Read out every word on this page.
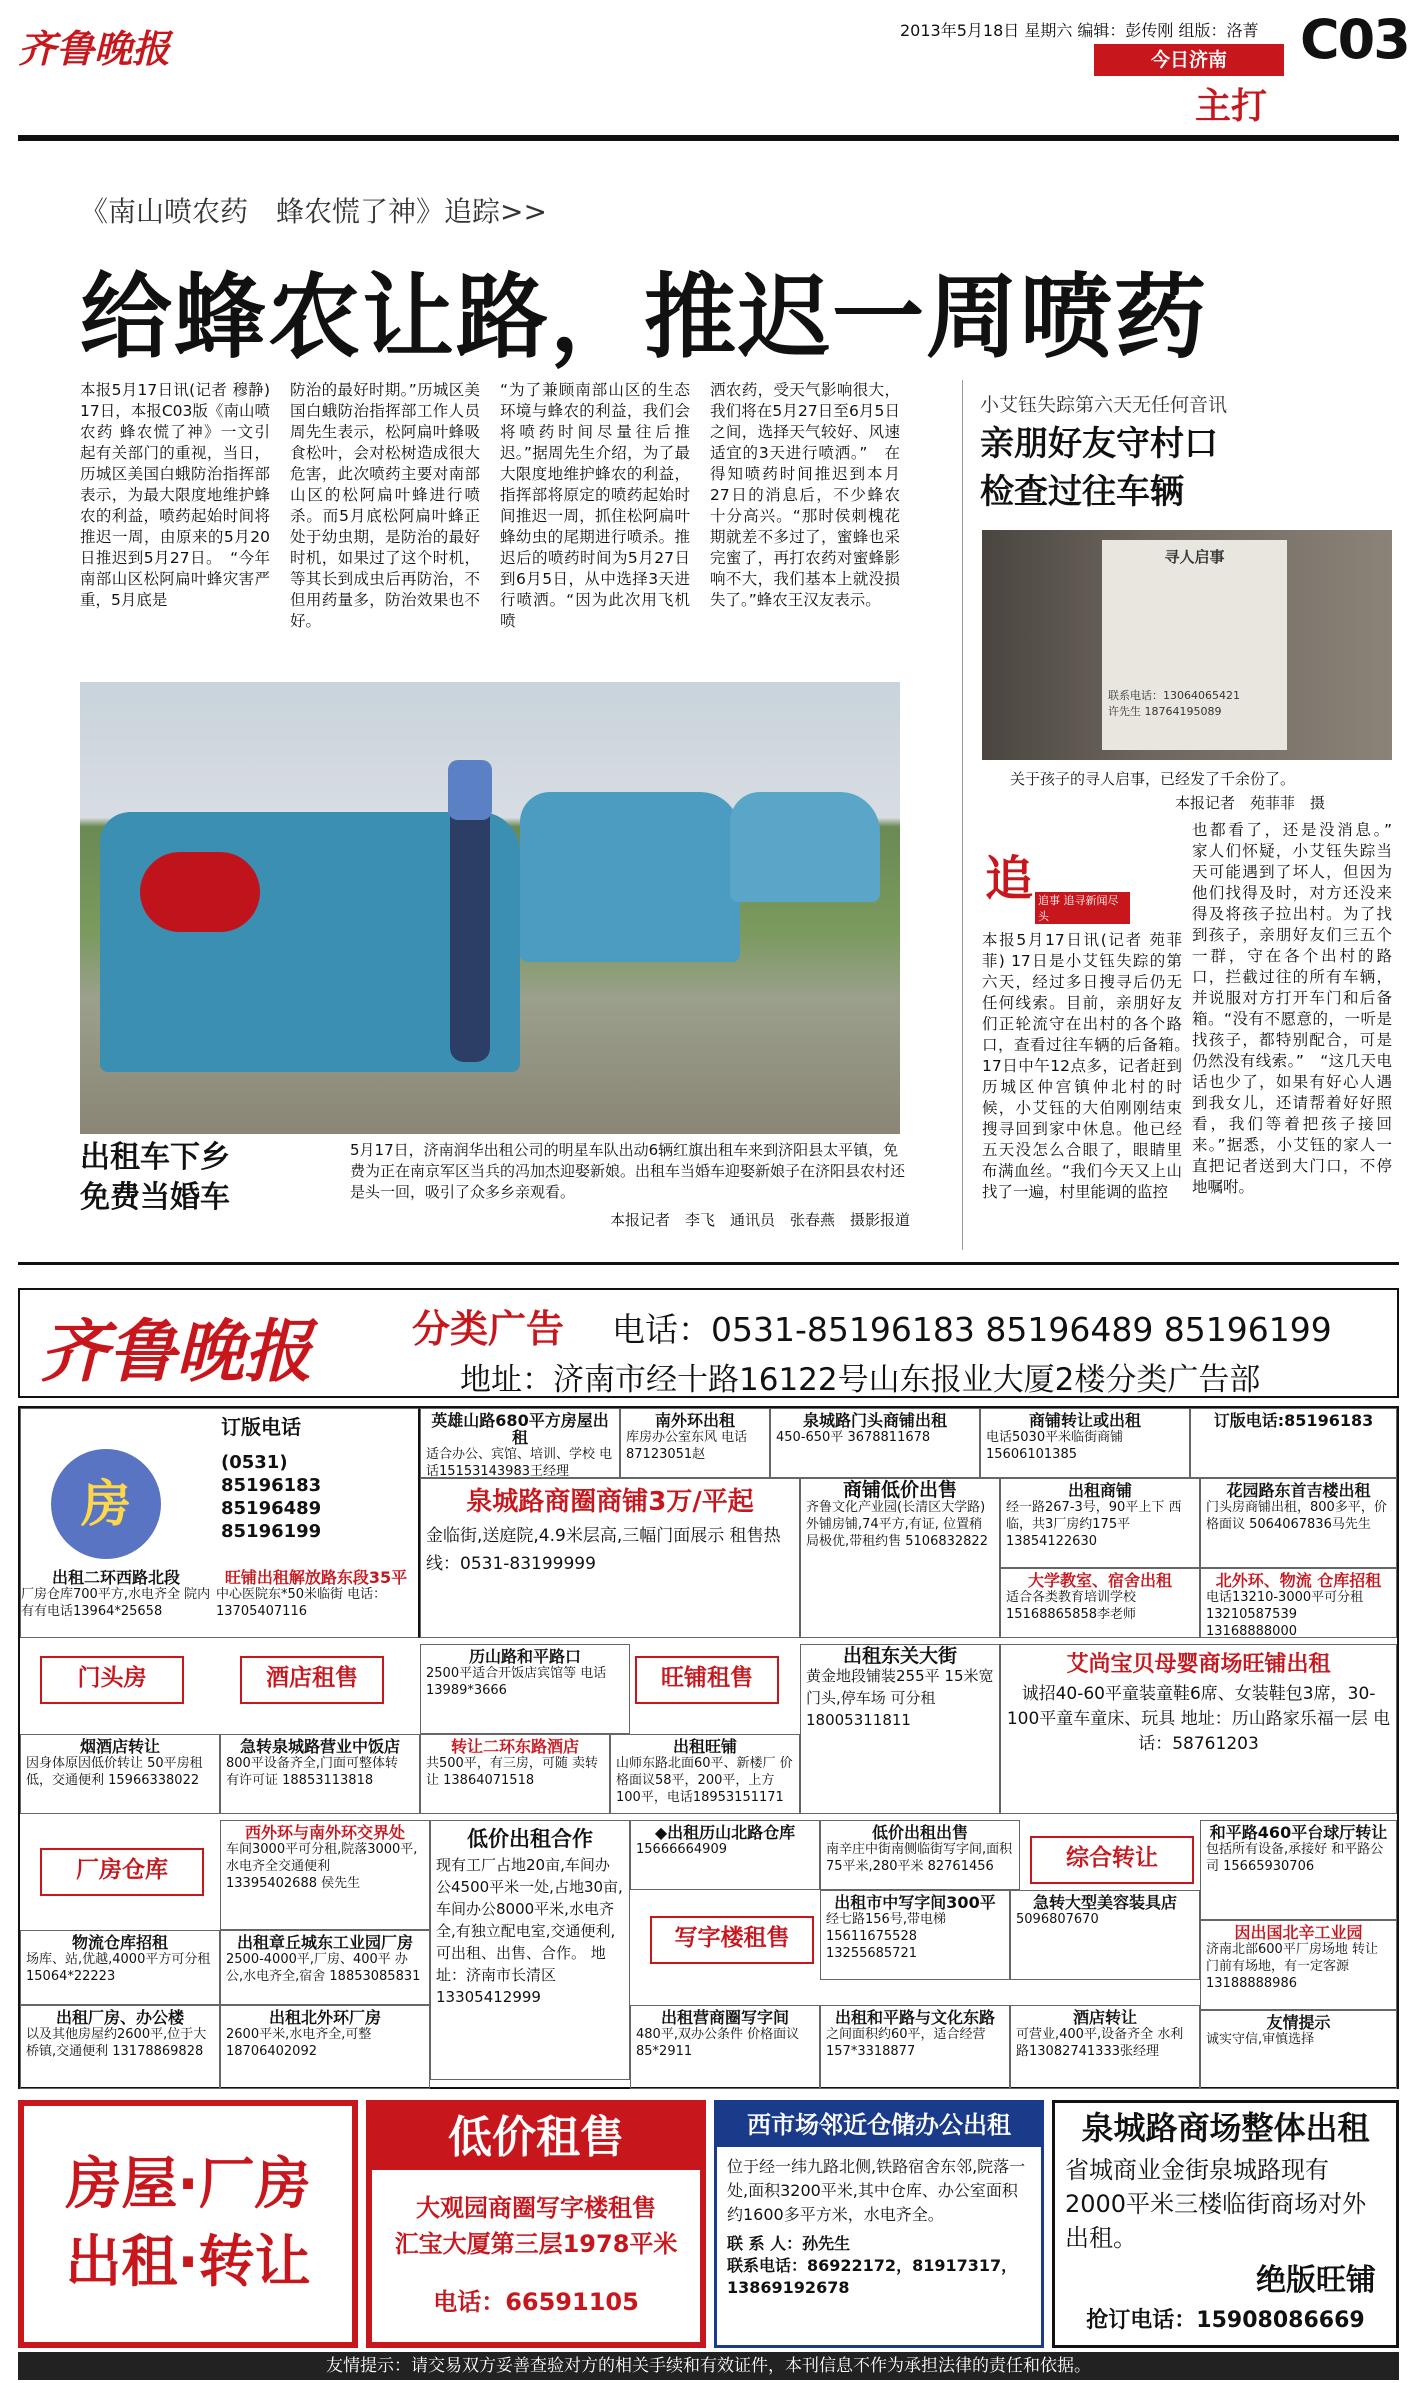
齐鲁晚报	2013年5月18日 星期六 编辑：彭传刚 组版：洛菁
今日济南
主打
C03
《南山喷农药　蜂农慌了神》追踪>>
给蜂农让路，推迟一周喷药
本报5月17日讯(记者 穆静) 17日，本报C03版《南山喷农药 蜂农慌了神》一文引起有关部门的重视，当日，历城区美国白蛾防治指挥部表示，为最大限度地维护蜂农的利益，喷药起始时间将推迟一周，由原来的5月20日推迟到5月27日。　“今年南部山区松阿扁叶蜂灾害严重，5月底是
防治的最好时期。”历城区美国白蛾防治指挥部工作人员周先生表示，松阿扁叶蜂吸食松叶，会对松树造成很大危害，此次喷药主要对南部山区的松阿扁叶蜂进行喷杀。而5月底松阿扁叶蜂正处于幼虫期，是防治的最好时机，如果过了这个时机，等其长到成虫后再防治，不但用药量多，防治效果也不好。
“为了兼顾南部山区的生态环境与蜂农的利益，我们会将喷药时间尽量往后推迟。”据周先生介绍，为了最大限度地维护蜂农的利益，指挥部将原定的喷药起始时间推迟一周，抓住松阿扁叶蜂幼虫的尾期进行喷杀。推迟后的喷药时间为5月27日到6月5日，从中选择3天进行喷洒。“因为此次用飞机喷
洒农药，受天气影响很大，我们将在5月27日至6月5日之间，选择天气较好、风速适宜的3天进行喷洒。”　在得知喷药时间推迟到本月27日的消息后，不少蜂农十分高兴。“那时侯刺槐花期就差不多过了，蜜蜂也采完蜜了，再打农药对蜜蜂影响不大，我们基本上就没损失了。”蜂农王汉友表示。
出租车下乡
免费当婚车
5月17日，济南润华出租公司的明星车队出动6辆红旗出租车来到济阳县太平镇，免费为正在南京军区当兵的冯加杰迎娶新娘。出租车当婚车迎娶新娘子在济阳县农村还是头一回，吸引了众多乡亲观看。
本报记者　李飞　通讯员　张春燕　摄影报道
小艾钰失踪第六天无任何音讯
亲朋好友守村口
检查过往车辆
寻人启事
联系电话：13064065421
许先生 18764195089
关于孩子的寻人启事，已经发了千余份了。
本报记者　苑菲菲　摄
追 追事 追寻新闻尽头
本报5月17日讯(记者 苑菲菲) 17日是小艾钰失踪的第六天，经过多日搜寻后仍无任何线索。目前，亲朋好友们正轮流守在出村的各个路口，查看过往车辆的后备箱。　17日中午12点多，记者赶到历城区仲宫镇仲北村的时候，小艾钰的大伯刚刚结束搜寻回到家中休息。他已经五天没怎么合眼了，眼睛里布满血丝。“我们今天又上山找了一遍，村里能调的监控
也都看了，还是没消息。”　家人们怀疑，小艾钰失踪当天可能遇到了坏人，但因为他们找得及时，对方还没来得及将孩子拉出村。为了找到孩子，亲朋好友们三五个一群，守在各个出村的路口，拦截过往的所有车辆，并说服对方打开车门和后备箱。“没有不愿意的，一听是找孩子，都特别配合，可是仍然没有线索。”　“这几天电话也少了，如果有好心人遇到我女儿，还请帮着好好照看，我们等着把孩子接回来。”据悉，小艾钰的家人一直把记者送到大门口，不停地嘱咐。
齐鲁晚报	分类广告 电话：0531-85196183 85196489 85196199
地址：济南市经十路16122号山东报业大厦2楼分类广告部
房
订版电话
(0531)
85196183
85196489
85196199
出租二环西路北段
厂房仓库700平方,水电齐全 院内有有电话13964*25658
旺铺出租解放路东段35平
中心医院东*50米临街 电话：13705407116
英雄山路680平方房屋出租
适合办公、宾馆、培训、学校 电话15153143983王经理
南外环出租
库房办公室东风 电话87123051赵
泉城路门头商铺出租
450-650平 3678811678
商铺转让或出租
电话5030平米临街商铺 15606101385
订版电话:85196183
泉城路商圈商铺3万/平起
金临街,送庭院,4.9米层高,三幅门面展示 租售热线：0531-83199999
商铺低价出售
齐鲁文化产业园(长清区大学路) 外铺房铺,74平方,有证, 位置稍局极优,带租约售 5106832822
出租商铺
经一路267-3号，90平上下 西临，共3厂房约175平 13854122630
花园路东首吉楼出租
门头房商铺出租，800多平，价格面议 5064067836马先生
大学教室、宿舍出租
适合各类教育培训学校 15168865858李老师
北外环、物流 仓库招租
电话13210-3000平可分租 13210587539 13168888000
门头房	酒店租售
历山路和平路口
2500平适合开饭店宾馆等 电话13989*3666	旺铺租售
出租东关大街
黄金地段铺装255平 15米宽门头,停车场 可分租 18005311811
艾尚宝贝母婴商场旺铺出租
诚招40-60平童装童鞋6席、女装鞋包3席，30-100平童车童床、玩具 地址：历山路家乐福一层 电话：58761203
烟酒店转让
因身体原因低价转让 50平房租低，交通便利 15966338022
急转泉城路营业中饭店
800平设备齐全,门面可整体转 有许可证 18853113818
转让二环东路酒店
共500平，有三房，可随 卖转让 13864071518
出租旺铺
山师东路北面60平、新楼厂 价格面议58平，200平，上方 100平，电话18953151171
厂房仓库
西外环与南外环交界处
车间3000平可分租,院落3000平,水电齐全交通便利 13395402688 侯先生
低价出租合作
现有工厂占地20亩,车间办公4500平米一处,占地30亩,车间办公8000平米,水电齐全,有独立配电室,交通便利,可出租、出售、合作。 地址：济南市长清区 13305412999
◆出租历山北路仓库
15666664909
低价出租出售
南辛庄中街南侧临街写字间,面积75平米,280平米 82761456	综合转让
和平路460平台球厅转让
包括所有设备,承接好 和平路公司 15665930706
物流仓库招租
场库、站,优越,4000平方可分租 15064*22223
出租章丘城东工业园厂房
2500-4000平,厂房、400平 办公,水电齐全,宿舍 18853085831
写字楼租售
出租市中写字间300平
经七路156号,带电梯 15611675528 13255685721
急转大型美容装具店
5096807670
因出国北辛工业园
济南北部600平厂房场地 转让 门前有场地，有一定客源 13188888986
出租厂房、办公楼
以及其他房屋约2600平,位于大桥镇,交通便利 13178869828
出租北外环厂房
2600平米,水电齐全,可整 18706402092
出租营商圈写字间
480平,双办公条件 价格面议 85*2911
出租和平路与文化东路
之间面积约60平，适合经营 157*3318877
酒店转让
可营业,400平,设备齐全 水利路13082741333张经理
友情提示
诚实守信,审慎选择
房屋·厂房
出租·转让
低价租售
大观园商圈写字楼租售
汇宝大厦第三层1978平米
电话：66591105
西市场邻近仓储办公出租
位于经一纬九路北侧,铁路宿舍东邻,院落一处,面积3200平米,其中仓库、办公室面积约1600多平方米，水电齐全。
联 系 人：孙先生
联系电话：86922172，81917317，13869192678
泉城路商场整体出租
省城商业金街泉城路现有2000平米三楼临街商场对外出租。
绝版旺铺
抢订电话：15908086669
友情提示：请交易双方妥善查验对方的相关手续和有效证件，本刊信息不作为承担法律的责任和依据。
